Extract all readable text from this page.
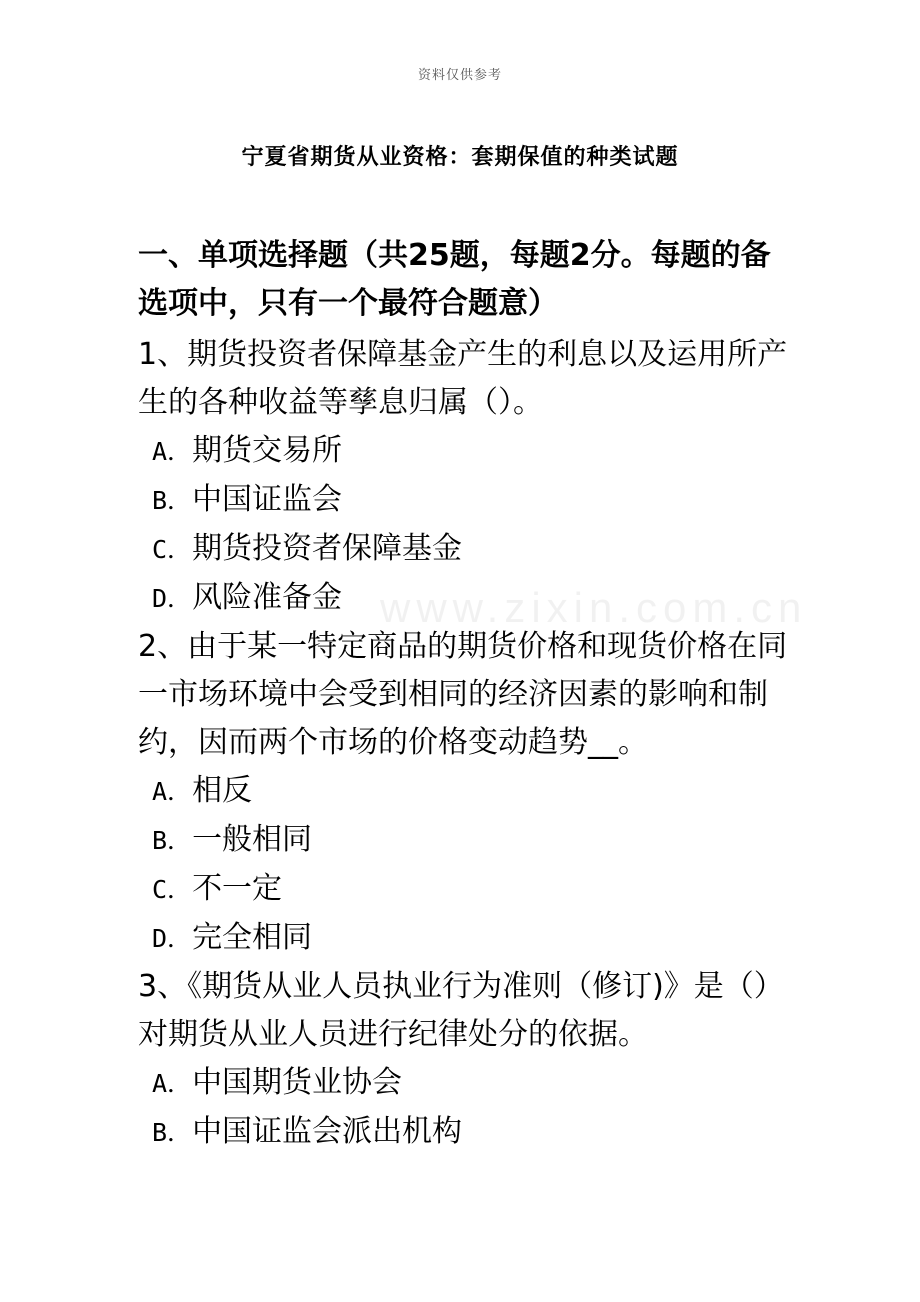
资料仅供参考
宁夏省期货从业资格：套期保值的种类试题
www.zixin.com.cn

一、单项选择题（共25题，每题2分。每题的备选项中，只有一个最符合题意）

1、期货投资者保障基金产生的利息以及运用所产生的各种收益等孳息归属（）。

A．期货交易所

B．中国证监会

C．期货投资者保障基金

D．风险准备金

2、由于某一特定商品的期货价格和现货价格在同一市场环境中会受到相同的经济因素的影响和制约，因而两个市场的价格变动趋势__。

A．相反

B．一般相同

C．不一定

D．完全相同

3、《期货从业人员执业行为准则（修订)》是（）对期货从业人员进行纪律处分的依据。

A．中国期货业协会

B．中国证监会派出机构
